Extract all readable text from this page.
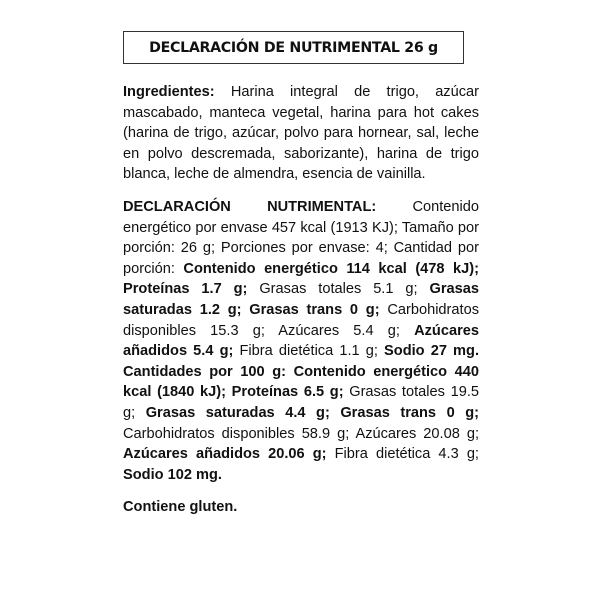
DECLARACIÓN DE NUTRIMENTAL 26 g

Ingredientes: Harina integral de trigo, azúcar mascabado, manteca vegetal, harina para hot cakes (harina de trigo, azúcar, polvo para hornear, sal, leche en polvo descremada, saborizante), harina de trigo blanca, leche de almendra, esencia de vainilla.

DECLARACIÓN NUTRIMENTAL: Contenido energético por envase 457 kcal (1913 KJ); Tamaño por porción: 26 g; Porciones por envase: 4; Cantidad por porción: Contenido energético 114 kcal (478 kJ); Proteínas 1.7 g; Grasas totales 5.1 g; Grasas saturadas 1.2 g; Grasas trans 0 g; Carbohidratos disponibles 15.3 g; Azúcares 5.4 g; Azúcares añadidos 5.4 g; Fibra dietética 1.1 g; Sodio 27 mg. Cantidades por 100 g: Contenido energético 440 kcal (1840 kJ); Proteínas 6.5 g; Grasas totales 19.5 g; Grasas saturadas 4.4 g; Grasas trans 0 g; Carbohidratos disponibles 58.9 g; Azúcares 20.08 g; Azúcares añadidos 20.06 g; Fibra dietética 4.3 g; Sodio 102 mg.

Contiene gluten.
